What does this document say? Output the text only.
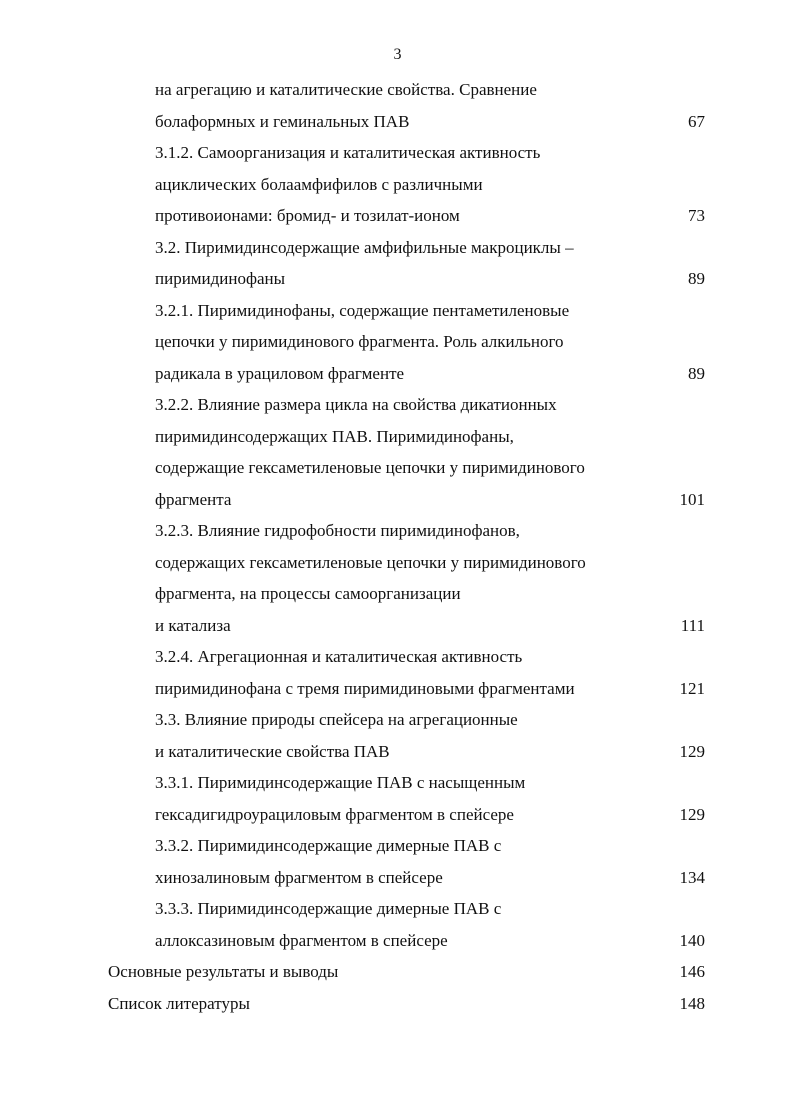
3
на агрегацию и каталитические свойства. Сравнение
болаформных и геминальных ПАВ	67
3.1.2. Самоорганизация и каталитическая активность
ациклических болаамфифилов с различными
противоионами: бромид- и тозилат-ионом	73
3.2. Пиримидинсодержащие амфифильные макроциклы –
пиримидинофаны	89
3.2.1. Пиримидинофаны, содержащие пентаметиленовые
цепочки у пиримидинового фрагмента. Роль алкильного
радикала в урациловом фрагменте	89
3.2.2. Влияние размера цикла на свойства дикатионных
пиримидинсодержащих ПАВ. Пиримидинофаны,
содержащие гексаметиленовые цепочки у пиримидинового
фрагмента	101
3.2.3. Влияние гидрофобности пиримидинофанов,
содержащих гексаметиленовые цепочки у пиримидинового
фрагмента, на процессы самоорганизации
и катализа	111
3.2.4. Агрегационная и каталитическая активность
пиримидинофана с тремя пиримидиновыми фрагментами	121
3.3. Влияние природы спейсера на агрегационные
и каталитические свойства ПАВ	129
3.3.1. Пиримидинсодержащие ПАВ с насыщенным
гексадигидроурациловым фрагментом в спейсере	129
3.3.2. Пиримидинсодержащие димерные ПАВ с
хинозалиновым фрагментом в спейсере	134
3.3.3. Пиримидинсодержащие димерные ПАВ с
аллоксазиновым фрагментом в спейсере	140
Основные результаты и выводы	146
Список литературы	148
